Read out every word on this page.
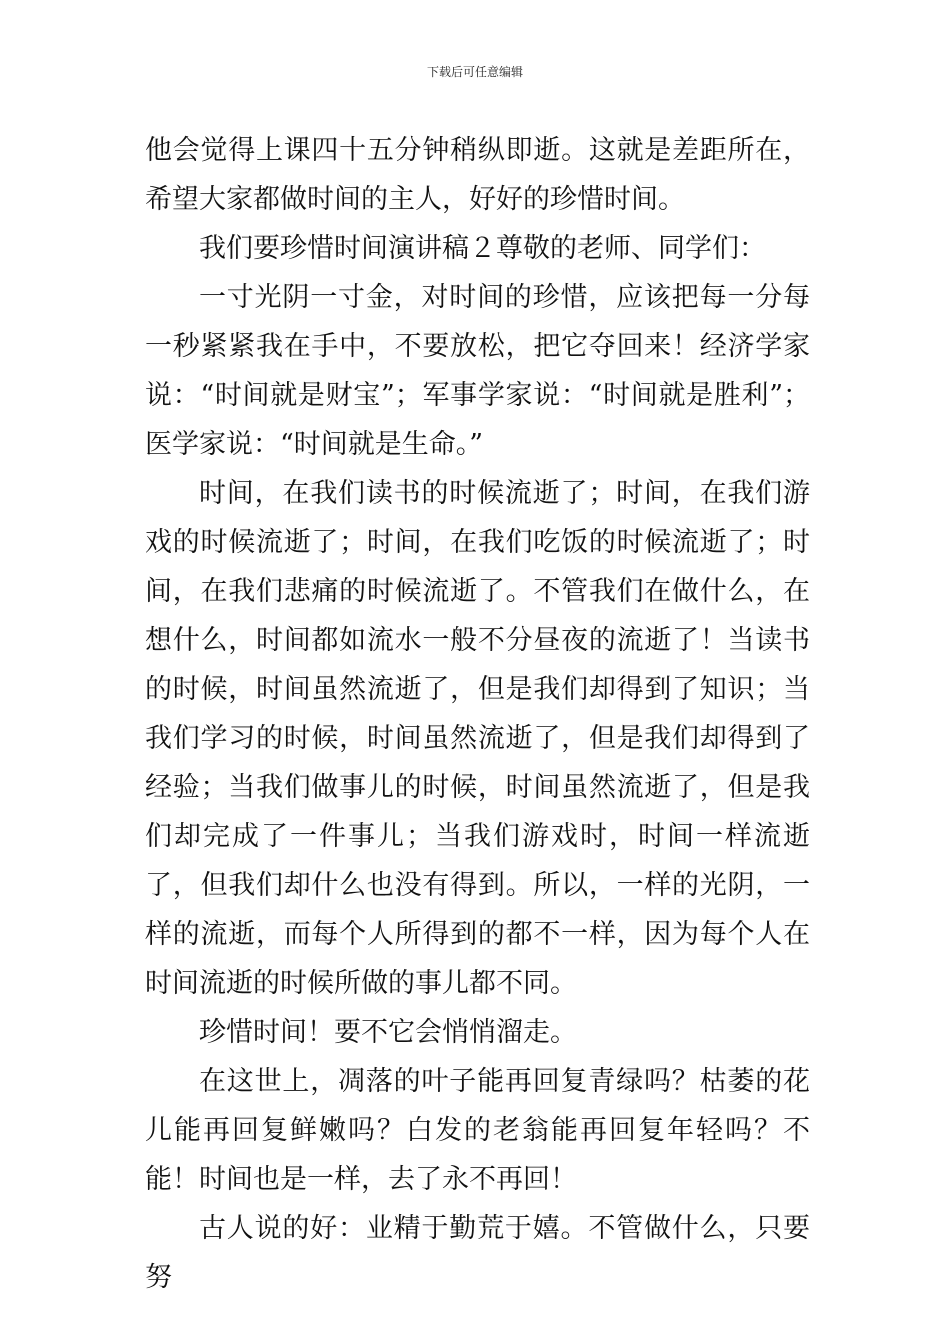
下载后可任意编辑

他会觉得上课四十五分钟稍纵即逝。这就是差距所在，希望大家都做时间的主人，好好的珍惜时间。

我们要珍惜时间演讲稿２尊敬的老师、同学们：

一寸光阴一寸金，对时间的珍惜，应该把每一分每一秒紧紧我在手中，不要放松，把它夺回来！经济学家说：“时间就是财宝”；军事学家说：“时间就是胜利”；医学家说：“时间就是生命。”

时间，在我们读书的时候流逝了；时间，在我们游戏的时候流逝了；时间，在我们吃饭的时候流逝了；时间，在我们悲痛的时候流逝了。不管我们在做什么，在想什么，时间都如流水一般不分昼夜的流逝了！当读书的时候，时间虽然流逝了，但是我们却得到了知识；当我们学习的时候，时间虽然流逝了，但是我们却得到了经验；当我们做事儿的时候，时间虽然流逝了，但是我们却完成了一件事儿；当我们游戏时，时间一样流逝了，但我们却什么也没有得到。所以，一样的光阴，一样的流逝，而每个人所得到的都不一样，因为每个人在时间流逝的时候所做的事儿都不同。

珍惜时间！要不它会悄悄溜走。

在这世上，凋落的叶子能再回复青绿吗？枯萎的花儿能再回复鲜嫩吗？白发的老翁能再回复年轻吗？不能！时间也是一样，去了永不再回！

古人说的好：业精于勤荒于嬉。不管做什么，只要努
